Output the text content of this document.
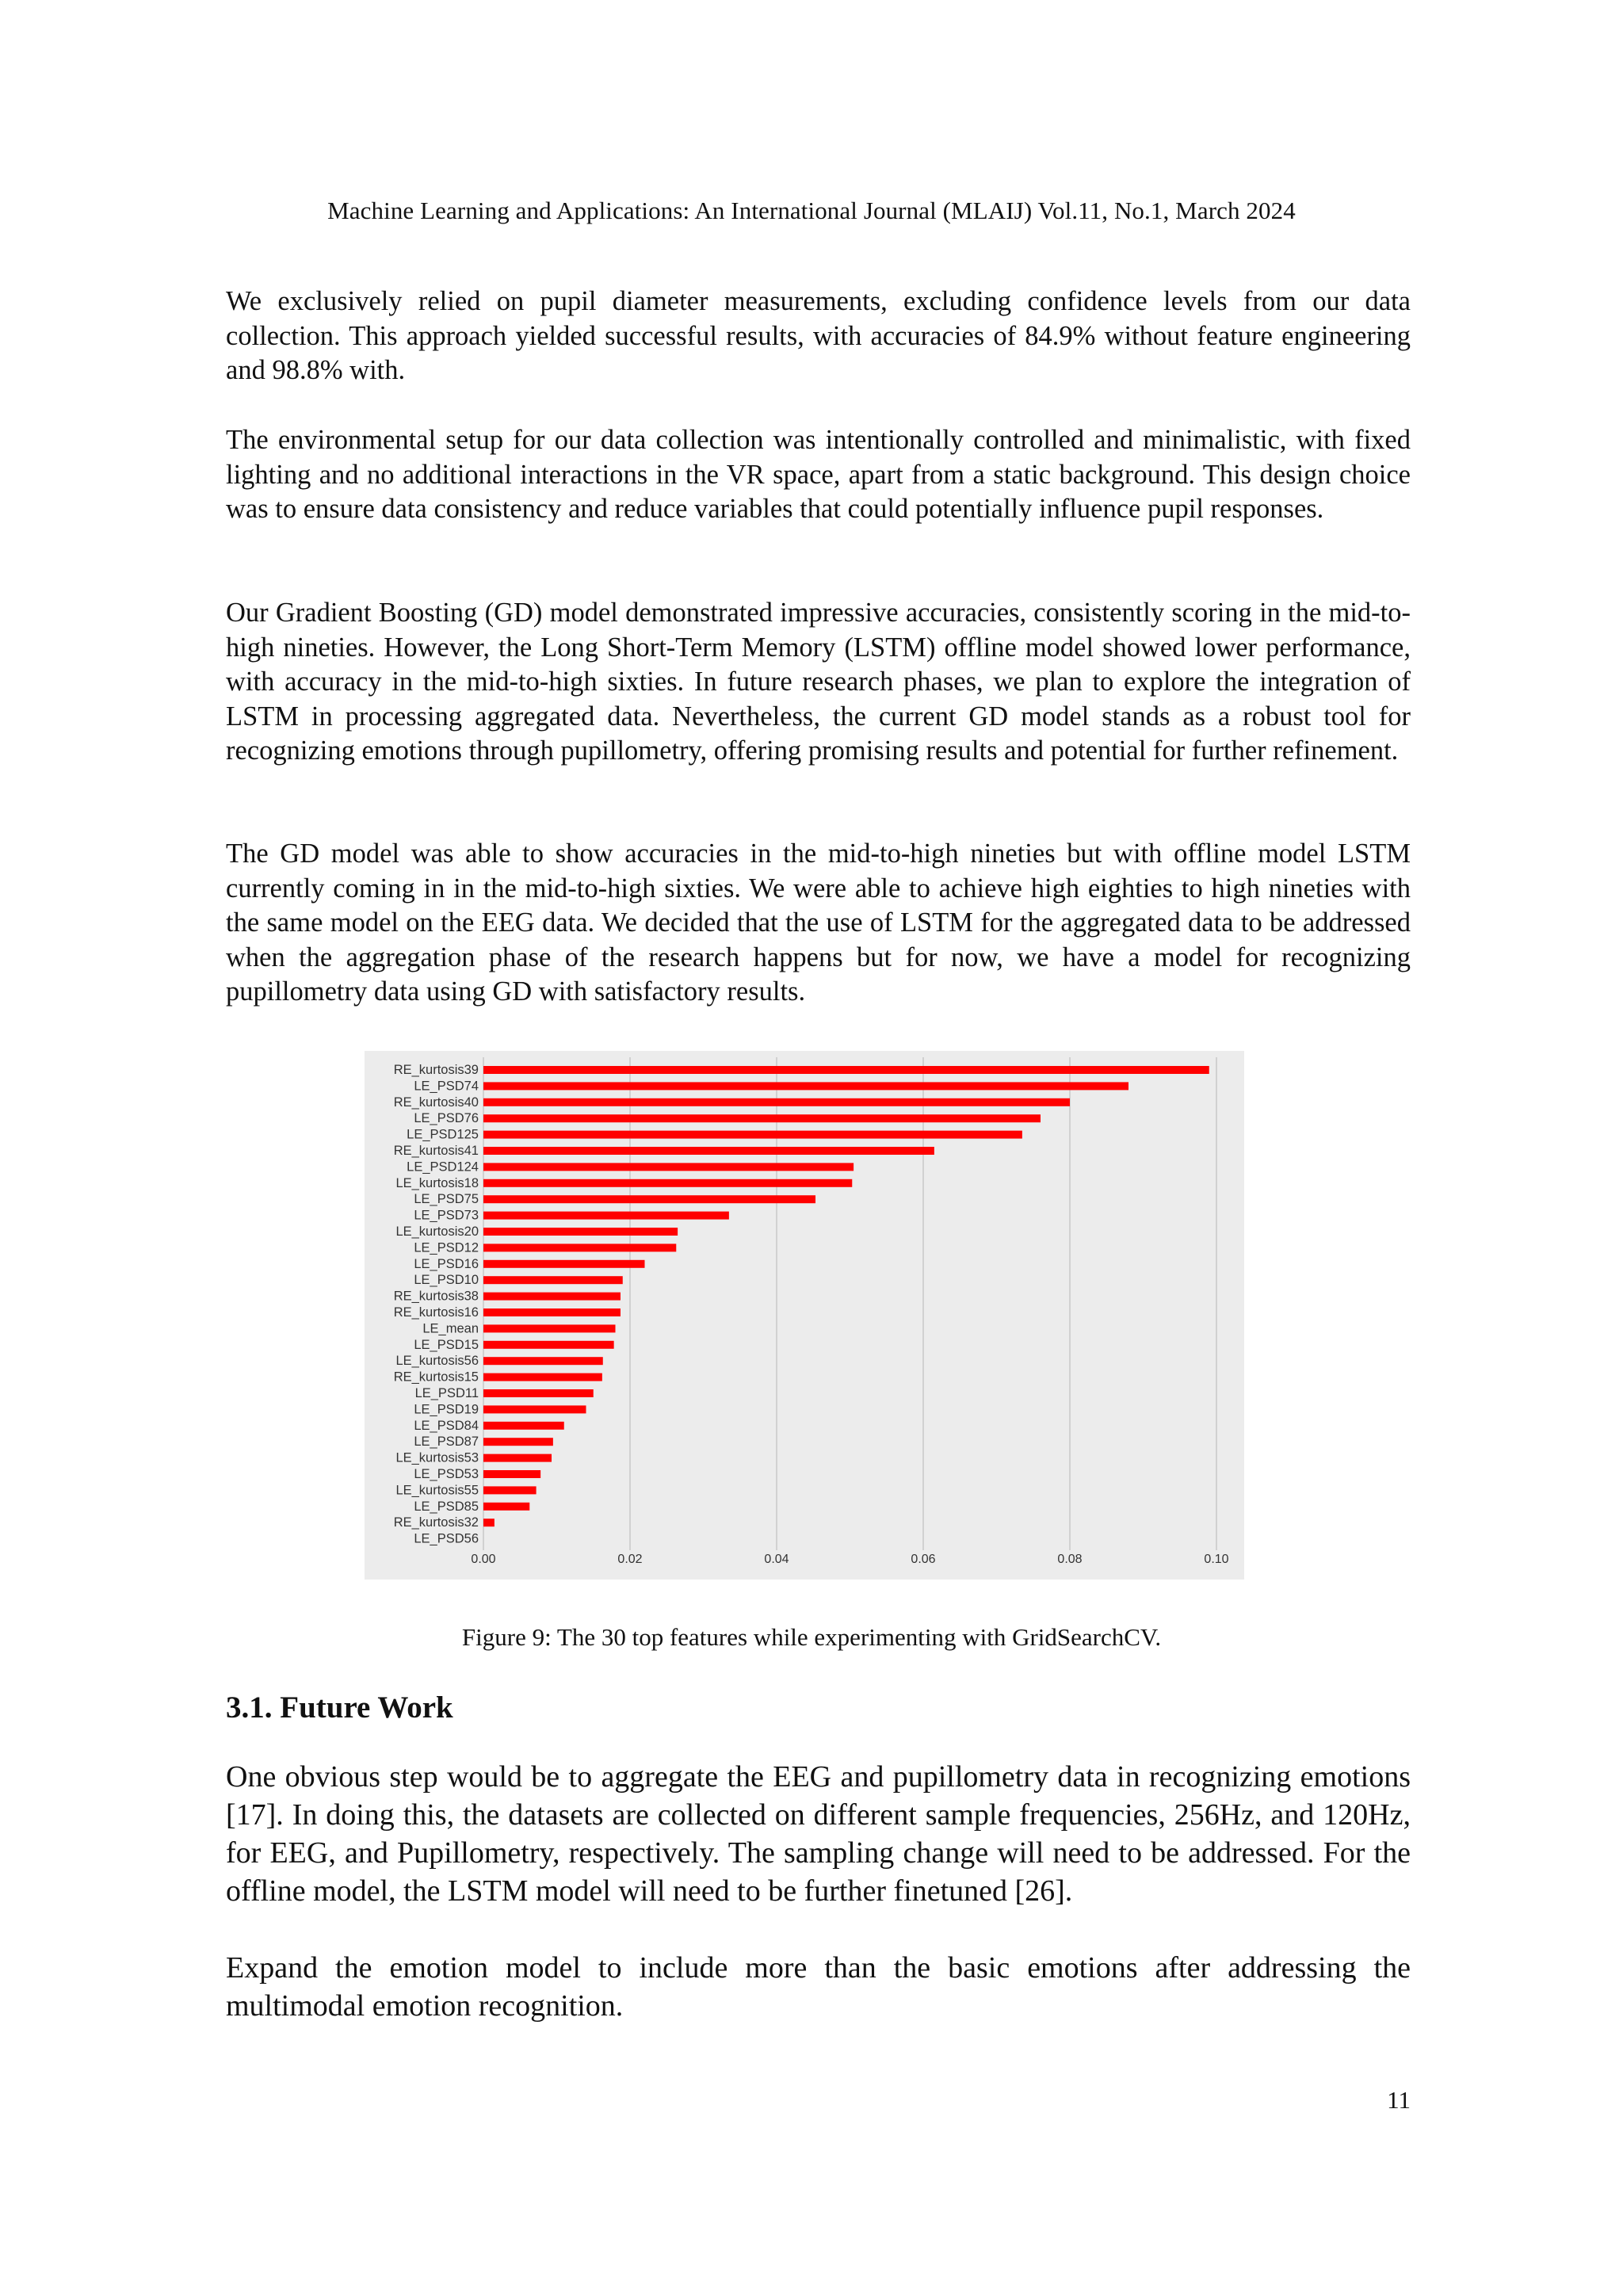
Machine Learning and Applications: An International Journal (MLAIJ) Vol.11, No.1, March 2024

We exclusively relied on pupil diameter measurements, excluding confidence levels from our data collection. This approach yielded successful results, with accuracies of 84.9% without feature engineering and 98.8% with.

The environmental setup for our data collection was intentionally controlled and minimalistic, with fixed lighting and no additional interactions in the VR space, apart from a static background. This design choice was to ensure data consistency and reduce variables that could potentially influence pupil responses.

Our Gradient Boosting (GD) model demonstrated impressive accuracies, consistently scoring in the mid-to-high nineties. However, the Long Short-Term Memory (LSTM) offline model showed lower performance, with accuracy in the mid-to-high sixties. In future research phases, we plan to explore the integration of LSTM in processing aggregated data. Nevertheless, the current GD model stands as a robust tool for recognizing emotions through pupillometry, offering promising results and potential for further refinement.

The GD model was able to show accuracies in the mid-to-high nineties but with offline model LSTM currently coming in in the mid-to-high sixties. We were able to achieve high eighties to high nineties with the same model on the EEG data. We decided that the use of LSTM for the aggregated data to be addressed when the aggregation phase of the research happens but for now, we have a model for recognizing pupillometry data using GD with satisfactory results.

0.00	0.02	0.04	0.06	0.08	0.10
RE_kurtosis39
LE_PSD74
RE_kurtosis40
LE_PSD76
LE_PSD125
RE_kurtosis41
LE_PSD124
LE_kurtosis18
LE_PSD75
LE_PSD73
LE_kurtosis20
LE_PSD12
LE_PSD16
LE_PSD10
RE_kurtosis38
RE_kurtosis16
LE_mean
LE_PSD15
LE_kurtosis56
RE_kurtosis15
LE_PSD11
LE_PSD19
LE_PSD84
LE_PSD87
LE_kurtosis53
LE_PSD53
LE_kurtosis55
LE_PSD85
RE_kurtosis32
LE_PSD56
Figure 9: The 30 top features while experimenting with GridSearchCV.
3.1. Future Work

One obvious step would be to aggregate the EEG and pupillometry data in recognizing emotions [17]. In doing this, the datasets are collected on different sample frequencies, 256Hz, and 120Hz, for EEG, and Pupillometry, respectively. The sampling change will need to be addressed. For the offline model, the LSTM model will need to be further finetuned [26].

Expand the emotion model to include more than the basic emotions after addressing the multimodal emotion recognition.

11
